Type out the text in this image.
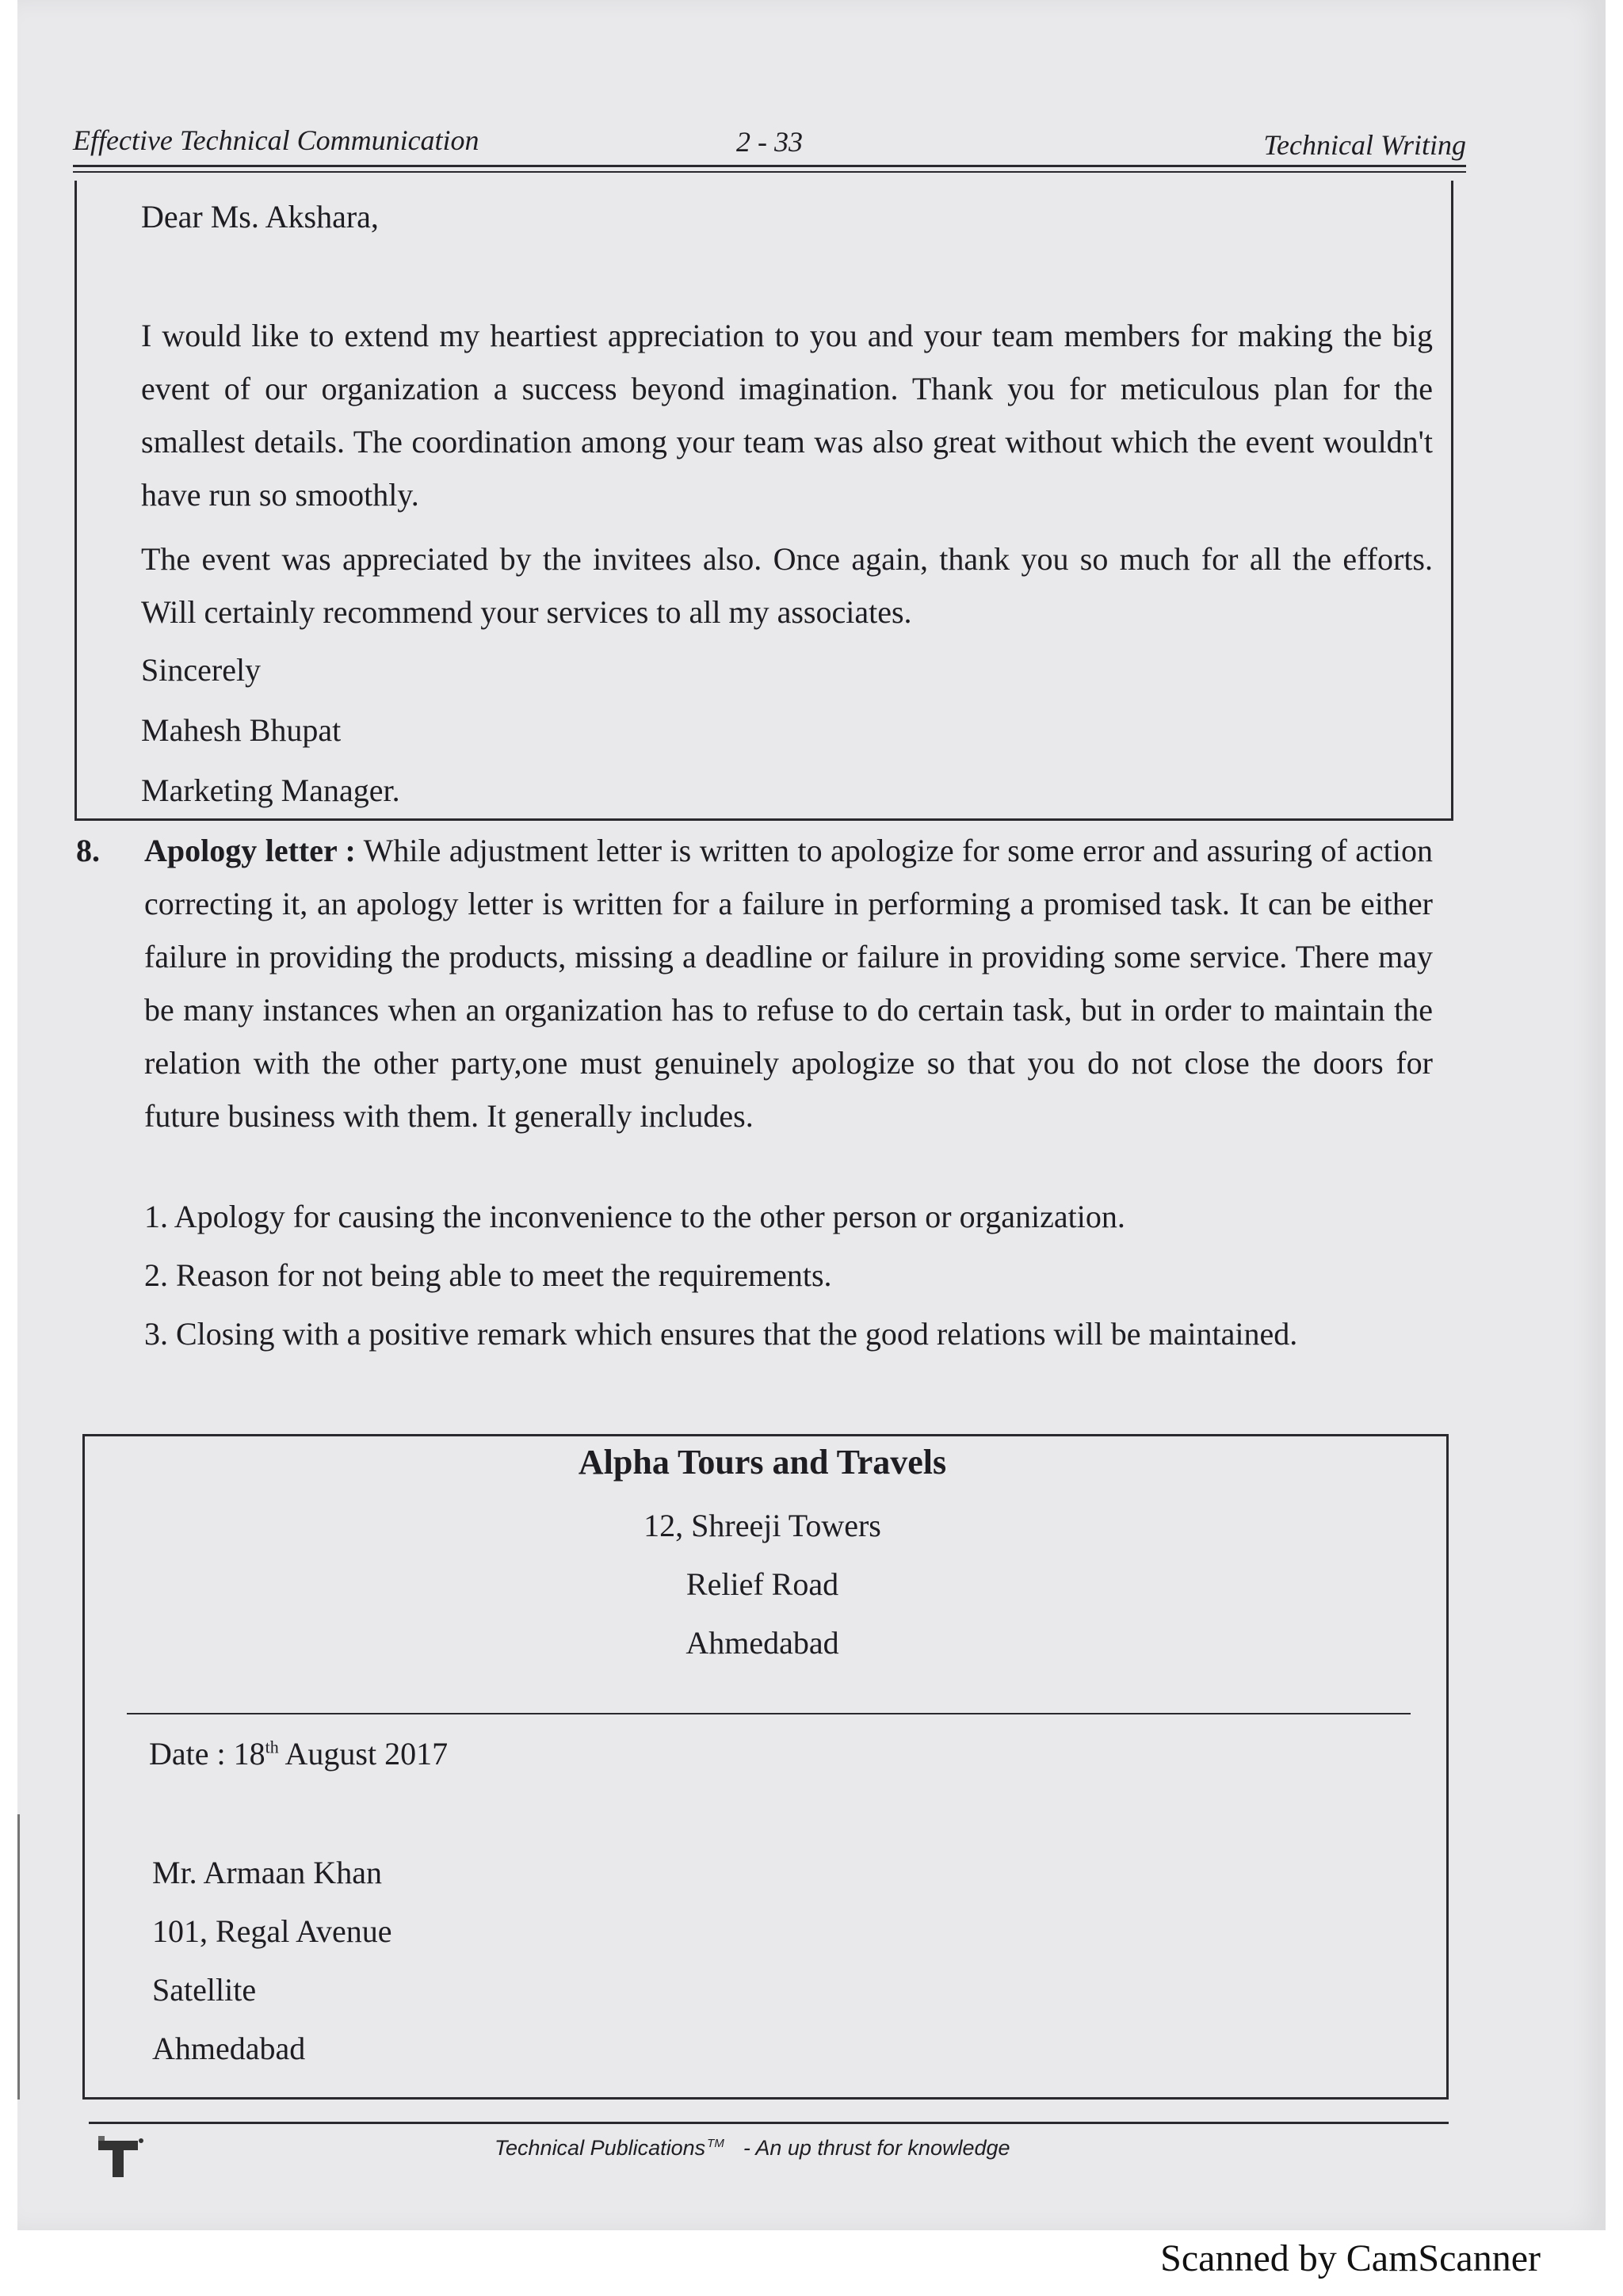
Effective Technical Communication	2 - 33	Technical Writing
Dear Ms. Akshara,
I would like to extend my heartiest appreciation to you and your team members for making the big event of our organization a success beyond imagination. Thank you for meticulous plan for the smallest details. The coordination among your team was also great without which the event wouldn't have run so smoothly.
The event was appreciated by the invitees also. Once again, thank you so much for all the efforts. Will certainly recommend your services to all my associates.
Sincerely
Mahesh Bhupat
Marketing Manager.
8. Apology letter : While adjustment letter is written to apologize for some error and assuring of action correcting it, an apology letter is written for a failure in performing a promised task. It can be either failure in providing the products, missing a deadline or failure in providing some service. There may be many instances when an organization has to refuse to do certain task, but in order to maintain the relation with the other party,one must genuinely apologize so that you do not close the doors for future business with them. It generally includes.
1. Apology for causing the inconvenience to the other person or organization.
2. Reason for not being able to meet the requirements.
3. Closing with a positive remark which ensures that the good relations will be maintained.
Alpha Tours and Travels
12, Shreeji Towers
Relief Road
Ahmedabad
Date : 18th August 2017
Mr. Armaan Khan
101, Regal Avenue
Satellite
Ahmedabad
Technical Publications ™ - An up thrust for knowledge
Scanned by CamScanner
